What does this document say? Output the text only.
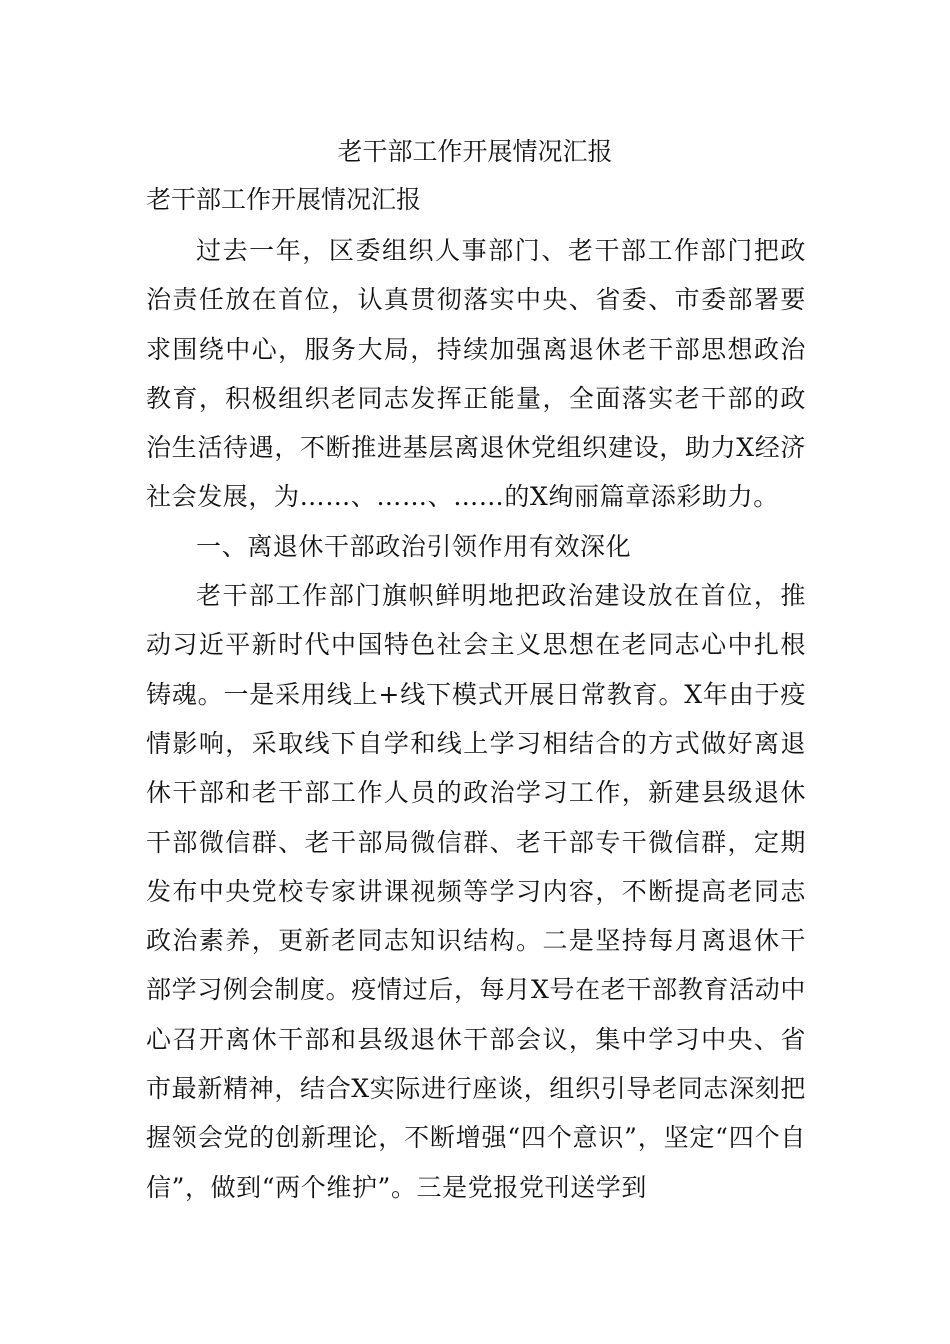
老干部工作开展情况汇报
老干部工作开展情况汇报

过去一年，区委组织人事部门、老干部工作部门把政治责任放在首位，认真贯彻落实中央、省委、市委部署要求围绕中心，服务大局，持续加强离退休老干部思想政治教育，积极组织老同志发挥正能量，全面落实老干部的政治生活待遇，不断推进基层离退休党组织建设，助力X经济社会发展，为……、……、……的X绚丽篇章添彩助力。

一、离退休干部政治引领作用有效深化

老干部工作部门旗帜鲜明地把政治建设放在首位，推动习近平新时代中国特色社会主义思想在老同志心中扎根铸魂。一是采用线上+线下模式开展日常教育。X年由于疫情影响，采取线下自学和线上学习相结合的方式做好离退休干部和老干部工作人员的政治学习工作，新建县级退休干部微信群、老干部局微信群、老干部专干微信群，定期发布中央党校专家讲课视频等学习内容，不断提高老同志政治素养，更新老同志知识结构。二是坚持每月离退休干部学习例会制度。疫情过后，每月X号在老干部教育活动中心召开离休干部和县级退休干部会议，集中学习中央、省市最新精神，结合X实际进行座谈，组织引导老同志深刻把握领会党的创新理论，不断增强“四个意识”，坚定“四个自信”，做到“两个维护”。三是党报党刊送学到
